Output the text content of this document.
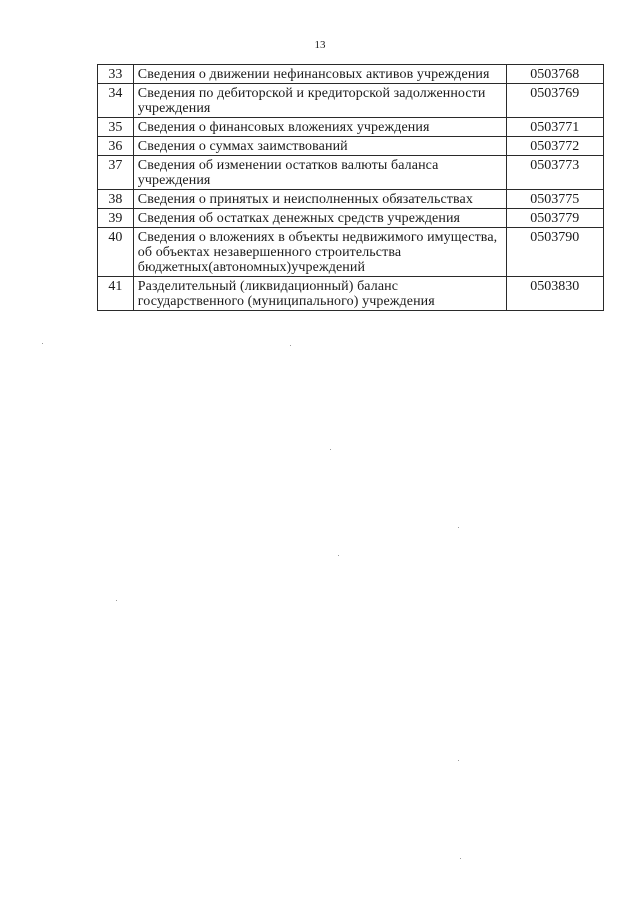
13
33	Сведения о движении нефинансовых активов учреждения	0503768
34	Сведения по дебиторской и кредиторской задолженности учреждения	0503769
35	Сведения о финансовых вложениях учреждения	0503771
36	Сведения о суммах заимствований	0503772
37	Сведения об изменении остатков валюты баланса учреждения	0503773
38	Сведения о принятых и неисполненных обязательствах	0503775
39	Сведения об остатках денежных средств учреждения	0503779
40	Сведения о вложениях в объекты недвижимого имущества, об объектах незавершенного строительства бюджетных(автономных)учреждений	0503790
41	Разделительный (ликвидационный) баланс государственного (муниципального) учреждения	0503830
